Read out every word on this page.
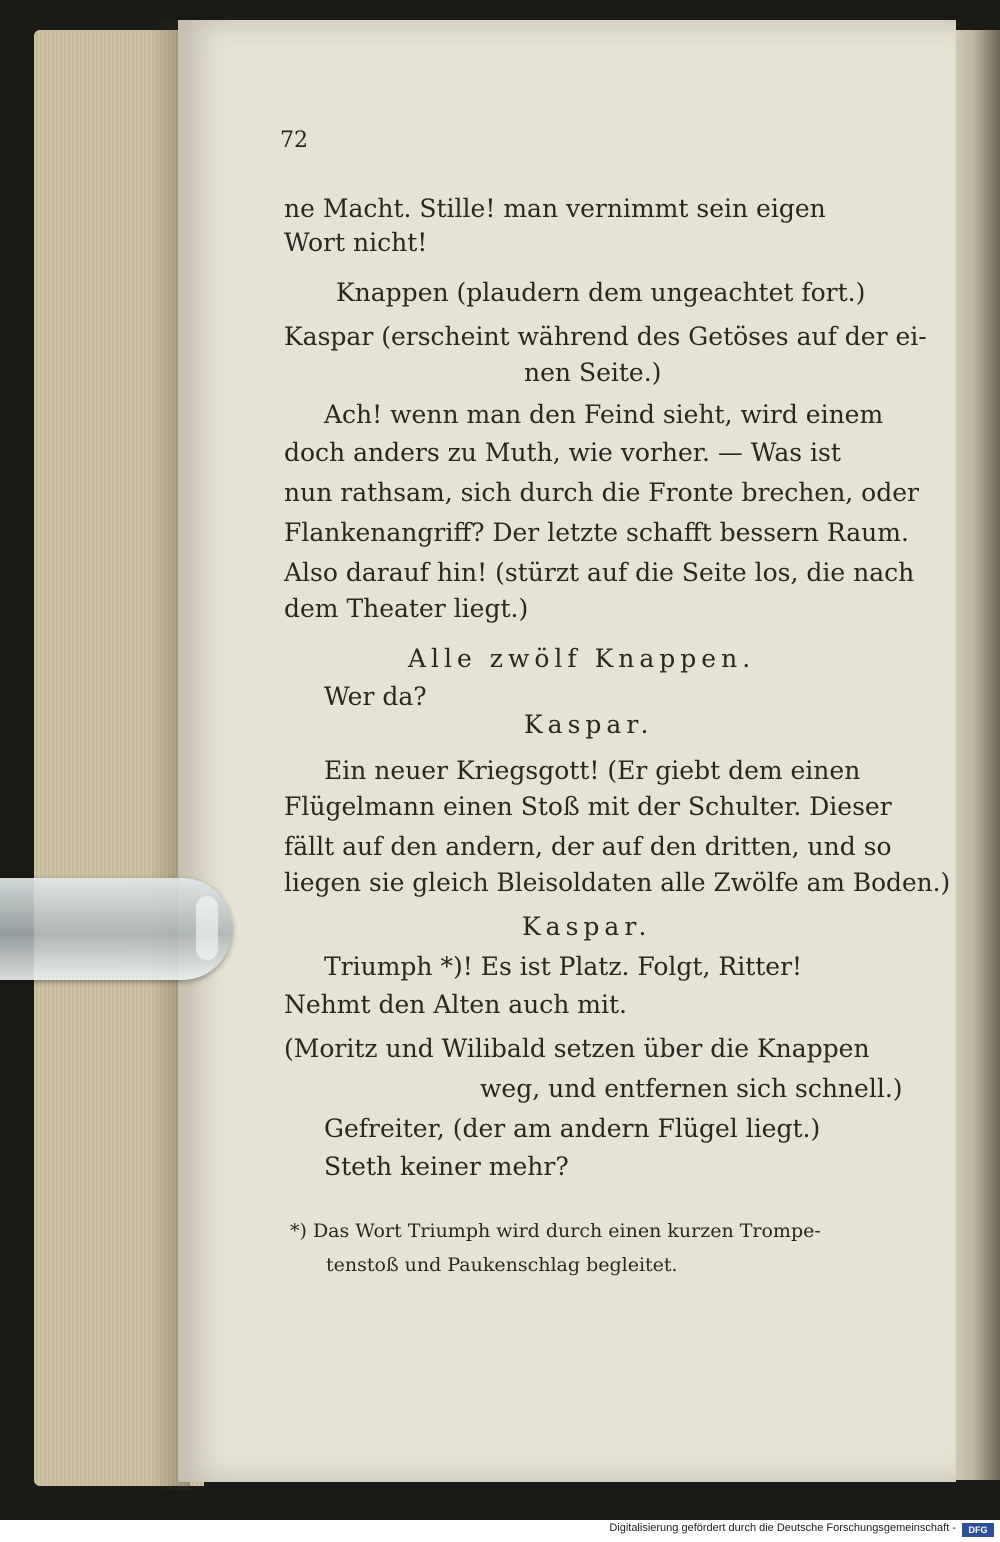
72
ne Macht. Stille! man vernimmt sein eigen
Wort nicht!
Knappen (plaudern dem ungeachtet fort.)
Kaspar (erscheint während des Getöses auf der ei-
nen Seite.)
Ach! wenn man den Feind sieht, wird einem
doch anders zu Muth, wie vorher. — Was ist
nun rathsam, sich durch die Fronte brechen, oder
Flankenangriff? Der letzte schafft bessern Raum.
Also darauf hin! (stürzt auf die Seite los, die nach
dem Theater liegt.)
Alle zwölf Knappen.
Wer da?
Kaspar.
Ein neuer Kriegsgott! (Er giebt dem einen
Flügelmann einen Stoß mit der Schulter. Dieser
fällt auf den andern, der auf den dritten, und so
liegen sie gleich Bleisoldaten alle Zwölfe am Boden.)
Kaspar.
Triumph *)! Es ist Platz. Folgt, Ritter!
Nehmt den Alten auch mit.
(Moritz und Wilibald setzen über die Knappen
weg, und entfernen sich schnell.)
Gefreiter, (der am andern Flügel liegt.)
Steth keiner mehr?
*) Das Wort Triumph wird durch einen kurzen Trompe-
tenstoß und Paukenschlag begleitet.
Digitalisierung gefördert durch die Deutsche Forschungsgemeinschaft -	DFG
